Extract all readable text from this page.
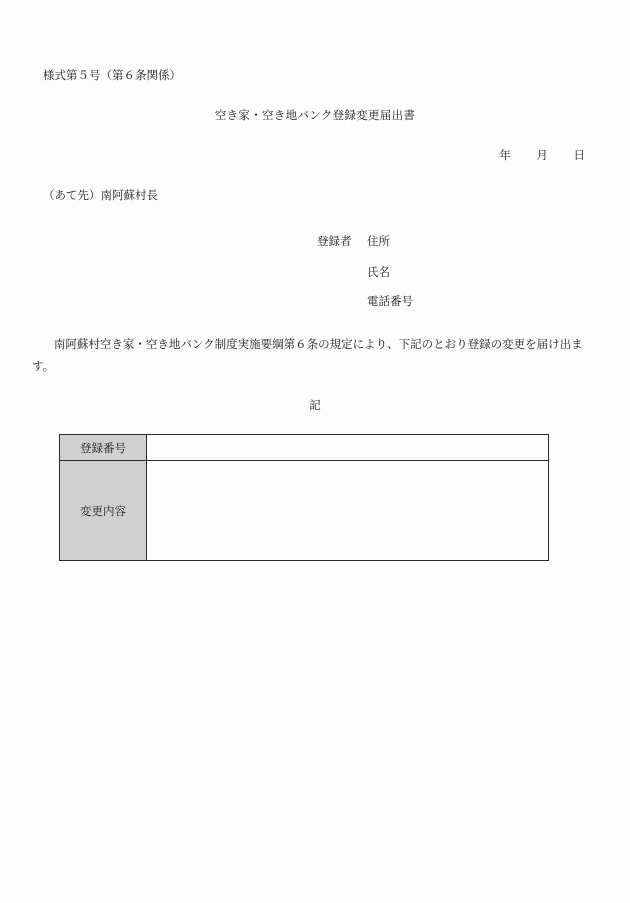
様式第５号（第６条関係）
空き家・空き地バンク登録変更届出書
年 月 日
（あて先）南阿蘇村長
登録者 住所
氏名
電話番号
南阿蘇村空き家・空き地バンク制度実施要綱第６条の規定により、下記のとおり登録の変更を届け出ます。
記
登録番号	
変更内容	
